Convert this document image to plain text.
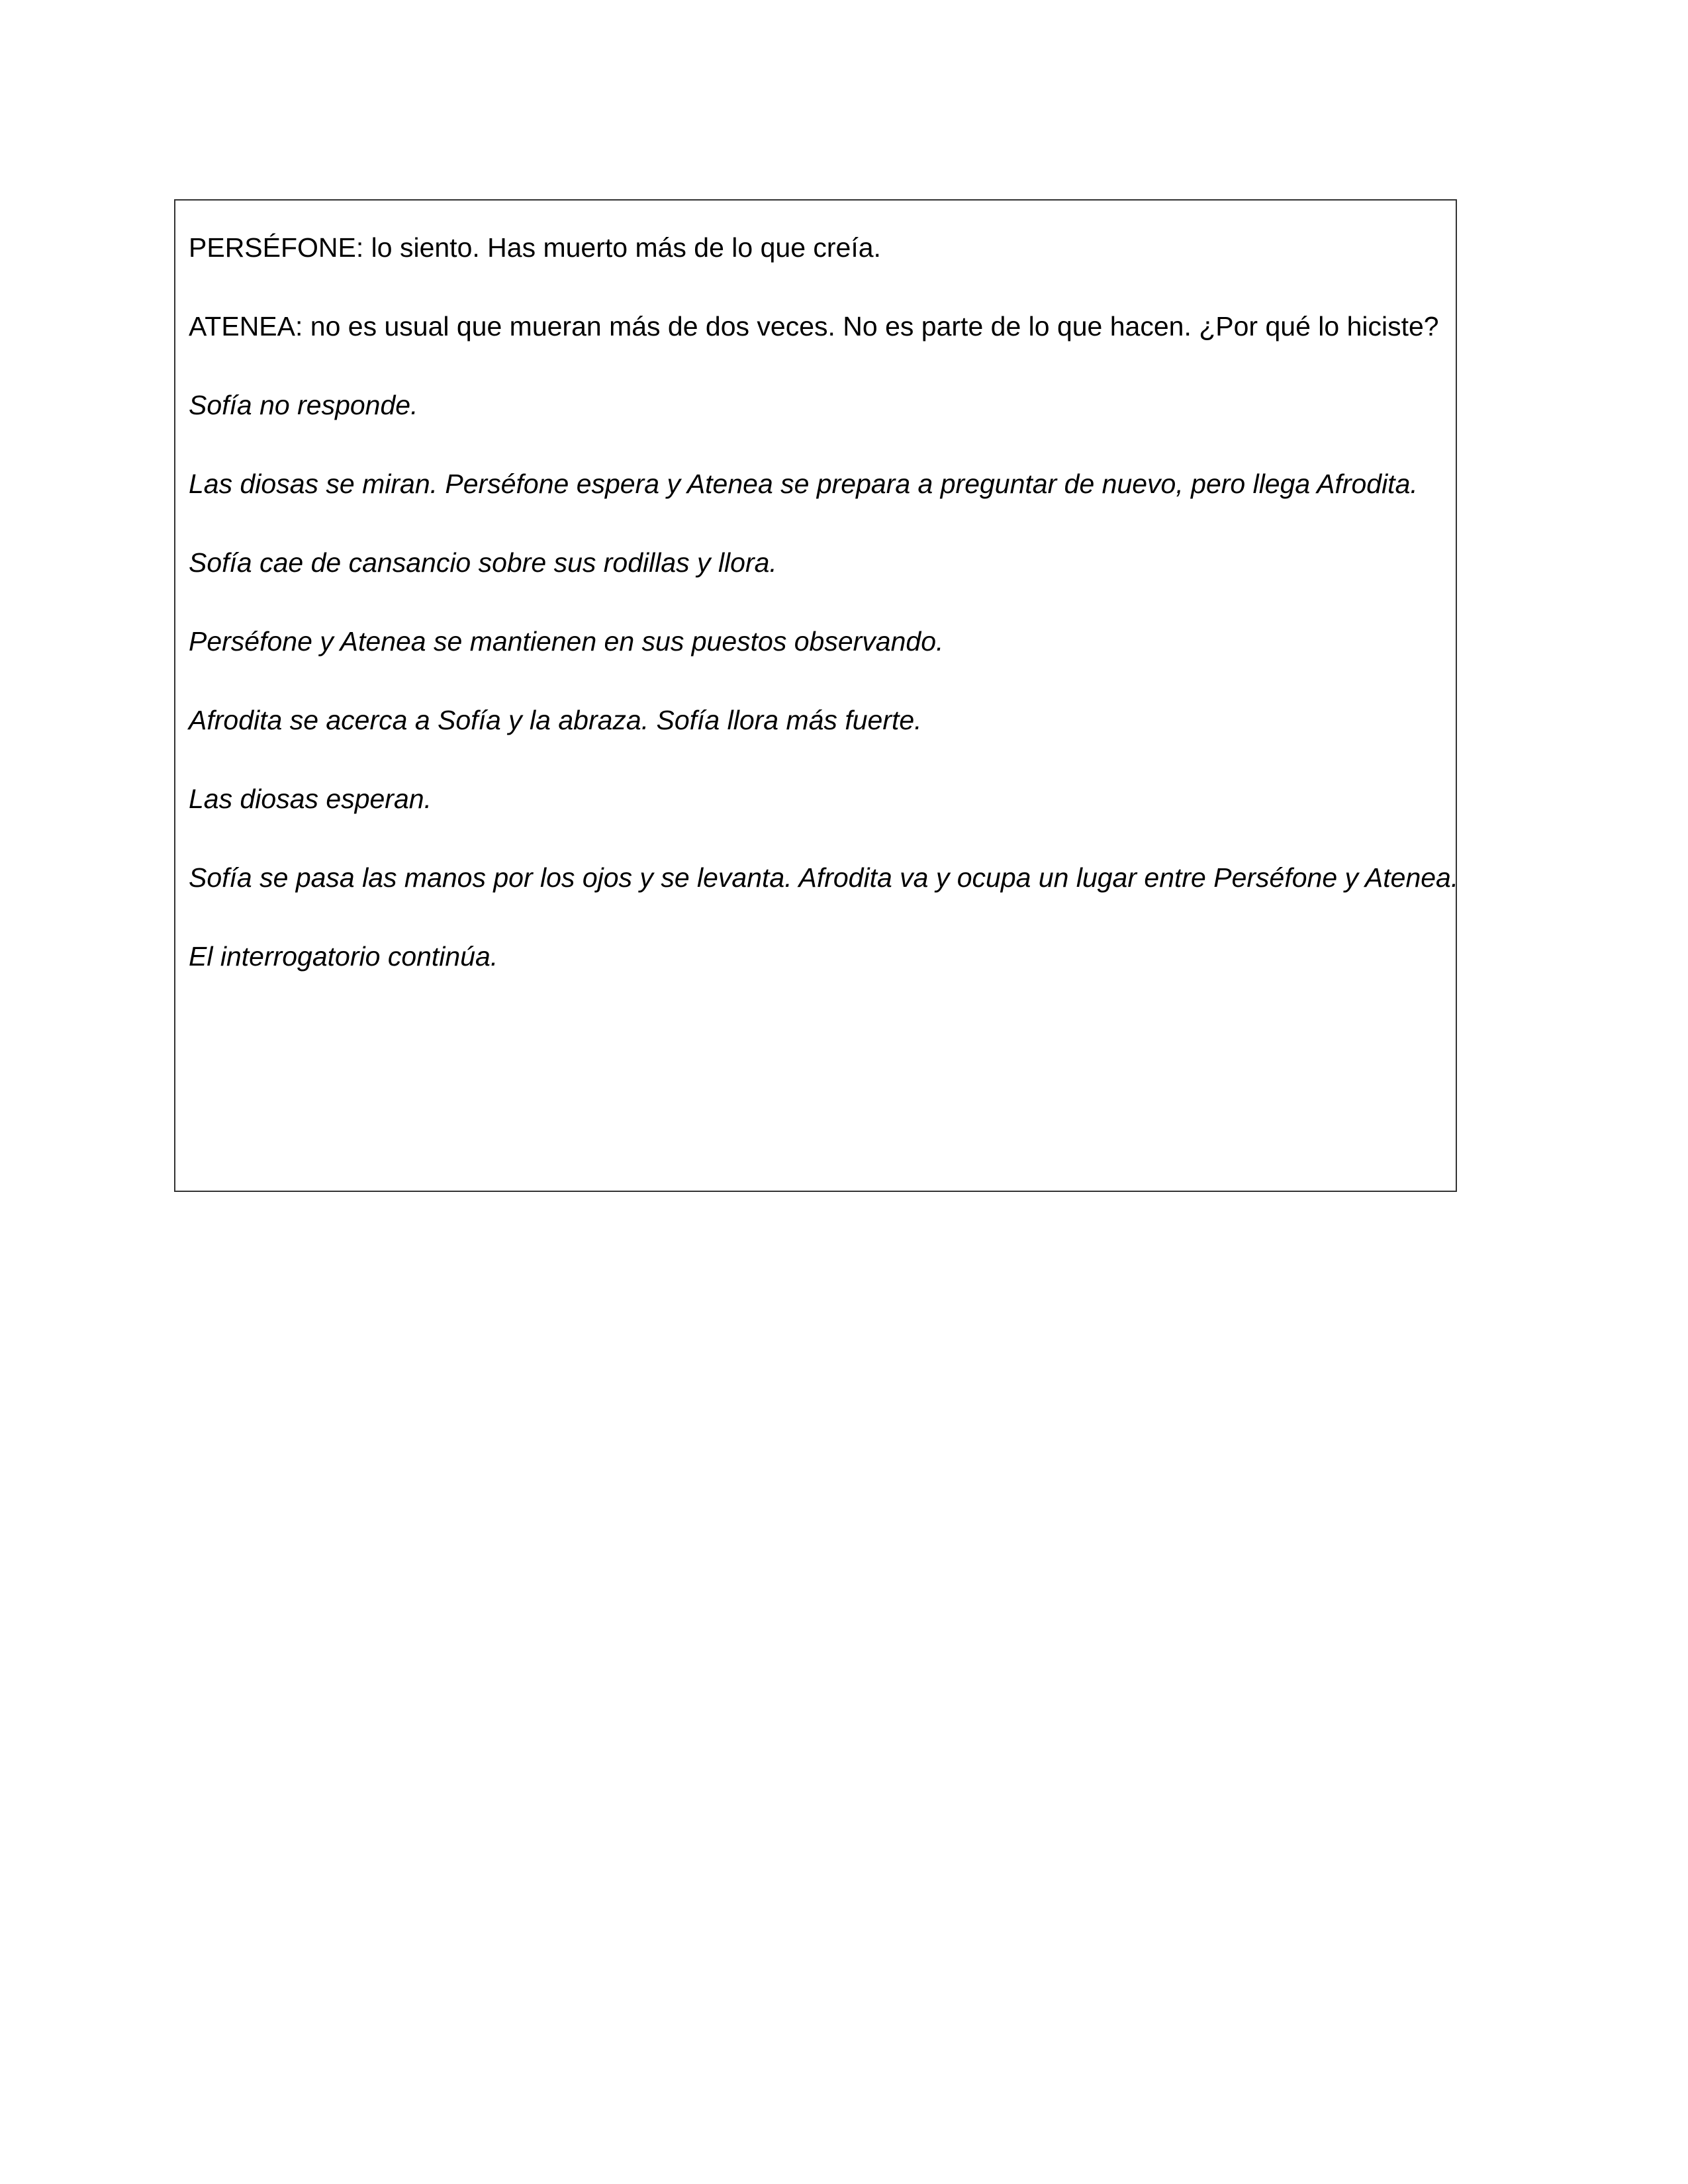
PERSÉFONE: lo siento. Has muerto más de lo que creía.

ATENEA: no es usual que mueran más de dos veces. No es parte de lo que hacen. ¿Por qué lo hiciste?

Sofía no responde.

Las diosas se miran. Perséfone espera y Atenea se prepara a preguntar de nuevo, pero llega Afrodita.

Sofía cae de cansancio sobre sus rodillas y llora.

Perséfone y Atenea se mantienen en sus puestos observando.

Afrodita se acerca a Sofía y la abraza. Sofía llora más fuerte.

Las diosas esperan.

Sofía se pasa las manos por los ojos y se levanta. Afrodita va y ocupa un lugar entre Perséfone y Atenea.

El interrogatorio continúa.
